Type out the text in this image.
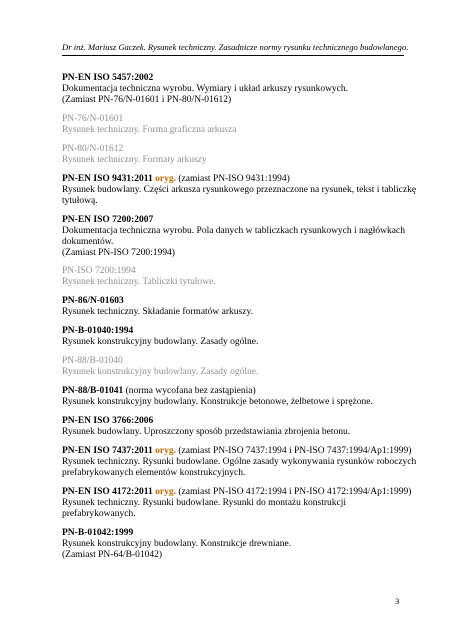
Dr inż. Mariusz Gaczek. Rysunek techniczny. Zasadnicze normy rysunku technicznego budowlanego.
PN-EN ISO 5457:2002
Dokumentacja techniczna wyrobu. Wymiary i układ arkuszy rysunkowych.
(Zamiast PN-76/N-01601 i PN-80/N-01612)
PN-76/N-01601
Rysunek techniczny. Forma graficzna arkusza
PN-80/N-01612
Rysunek techniczny. Formaty arkuszy
PN-EN ISO 9431:2011 oryg. (zamiast PN-ISO 9431:1994)
Rysunek budowlany. Części arkusza rysunkowego przeznaczone na rysunek, tekst i tabliczkę
tytułową.
PN-EN ISO 7200:2007
Dokumentacja techniczna wyrobu. Pola danych w tabliczkach rysunkowych i nagłówkach
dokumentów.
(Zamiast PN-ISO 7200:1994)
PN-ISO 7200:1994
Rysunek techniczny. Tabliczki tytułowe.
PN-86/N-01603
Rysunek techniczny. Składanie formatów arkuszy.
PN-B-01040:1994
Rysunek konstrukcyjny budowlany. Zasady ogólne.
PN-88/B-01040
Rysunek konstrukcyjny budowlany. Zasady ogólne.
PN-88/B-01041 (norma wycofana bez zastąpienia)
Rysunek konstrukcyjny budowlany. Konstrukcje betonowe, żelbetowe i sprężone.
PN-EN ISO 3766:2006
Rysunek budowlany. Uproszczony sposób przedstawiania zbrojenia betonu.
PN-EN ISO 7437:2011 oryg. (zamiast PN-ISO 7437:1994 i PN-ISO 7437:1994/Ap1:1999)
Rysunek techniczny. Rysunki budowlane. Ogólne zasady wykonywania rysunków roboczych
prefabrykowanych elementów konstrukcyjnych.
PN-EN ISO 4172:2011 oryg. (zamiast PN-ISO 4172:1994 i PN-ISO 4172:1994/Ap1:1999)
Rysunek techniczny. Rysunki budowlane. Rysunki do montażu konstrukcji
prefabrykowanych.
PN-B-01042:1999
Rysunek konstrukcyjny budowlany. Konstrukcje drewniane.
(Zamiast PN-64/B-01042)
3
